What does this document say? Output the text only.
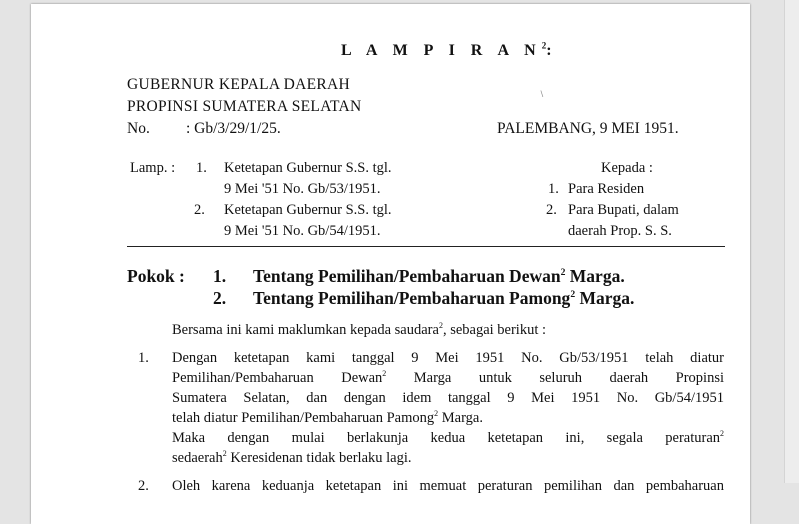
L A M P I R A $N^2$:
GUBERNUR KEPALA DAERAH
PROPINSI SUMATERA SELATAN
No. : Gb/3/29/1/25.	PALEMBANG, 9 MEI 1951.
∖
Lamp. : 1. Ketetapan Gubernur S.S. tgl.
9 Mei '51 No. Gb/53/1951.
2. Ketetapan Gubernur S.S. tgl.
9 Mei '51 No. Gb/54/1951.
Kepada :
1. Para Residen
2. Para Bupati, dalam
daerah Prop. S. S.
Pokok : 1. Tentang Pemilihan/Pembaharuan Dewan$^2$ Marga.
2. Tentang Pemilihan/Pembaharuan Pamong$^2$ Marga.
Bersama ini kami maklumkan kepada saudara$^2$, sebagai berikut :
1. Dengan ketetapan kami tanggal 9 Mei 1951 No. Gb/53/1951 telah diatur
Pemilihan/Pembaharuan Dewan$^2$ Marga untuk seluruh daerah Propinsi
Sumatera Selatan, dan dengan idem tanggal 9 Mei 1951 No. Gb/54/1951
telah diatur Pemilihan/Pembaharuan Pamong$^2$ Marga.
Maka dengan mulai berlakunja kedua ketetapan ini, segala peraturan$^2$
sedaerah$^2$ Keresidenan tidak berlaku lagi.
2. Oleh karena keduanja ketetapan ini memuat peraturan pemilihan dan pembaharuan
